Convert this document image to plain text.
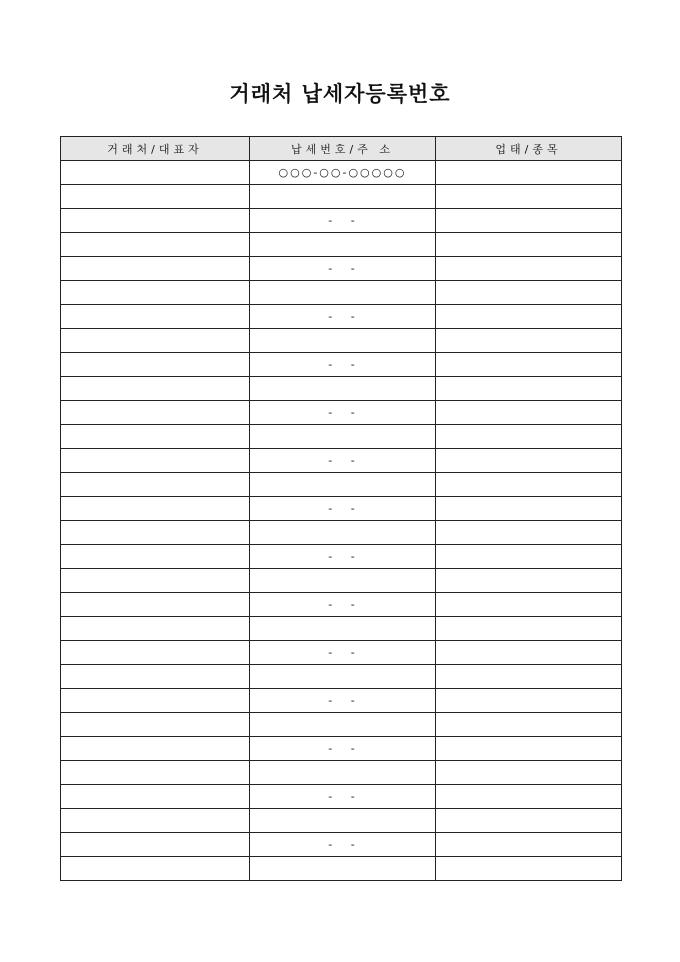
거래처 납세자등록번호
거래처/대표자	납세번호/주 소	업태/종목
	○○○-○○-○○○○○	

	-   -	

	-   -	

	-   -	

	-   -	

	-   -	

	-   -	

	-   -	

	-   -	

	-   -	

	-   -	

	-   -	

	-   -	

	-   -	

	-   -	
